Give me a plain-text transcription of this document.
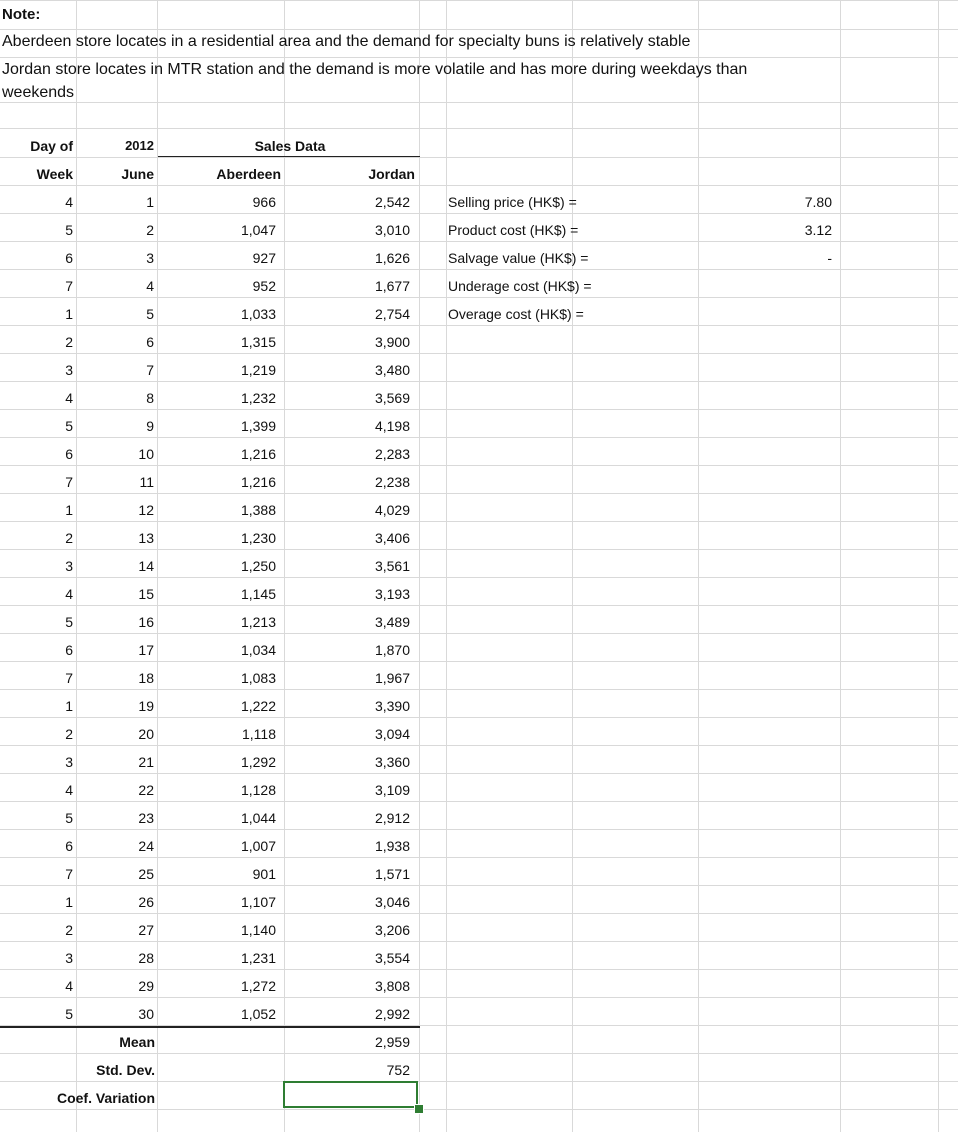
Note:
Aberdeen store locates in a residential area and the demand for specialty buns is relatively stable
Jordan store locates in MTR station and the demand is more volatile and has more during weekdays than
weekends
Day of
Week
2012
June
Sales Data
Aberdeen	Jordan
4	1	966	2,542
5	2	1,047	3,010
6	3	927	1,626
7	4	952	1,677
1	5	1,033	2,754
2	6	1,315	3,900
3	7	1,219	3,480
4	8	1,232	3,569
5	9	1,399	4,198
6	10	1,216	2,283
7	11	1,216	2,238
1	12	1,388	4,029
2	13	1,230	3,406
3	14	1,250	3,561
4	15	1,145	3,193
5	16	1,213	3,489
6	17	1,034	1,870
7	18	1,083	1,967
1	19	1,222	3,390
2	20	1,118	3,094
3	21	1,292	3,360
4	22	1,128	3,109
5	23	1,044	2,912
6	24	1,007	1,938
7	25	901	1,571
1	26	1,107	3,046
2	27	1,140	3,206
3	28	1,231	3,554
4	29	1,272	3,808
5	30	1,052	2,992
Mean	2,959
Std. Dev.	752
Coef. Variation
Selling price (HK$) =	7.80
Product cost (HK$) =	3.12
Salvage value (HK$) =	-
Underage cost (HK$) =
Overage cost (HK$) =
